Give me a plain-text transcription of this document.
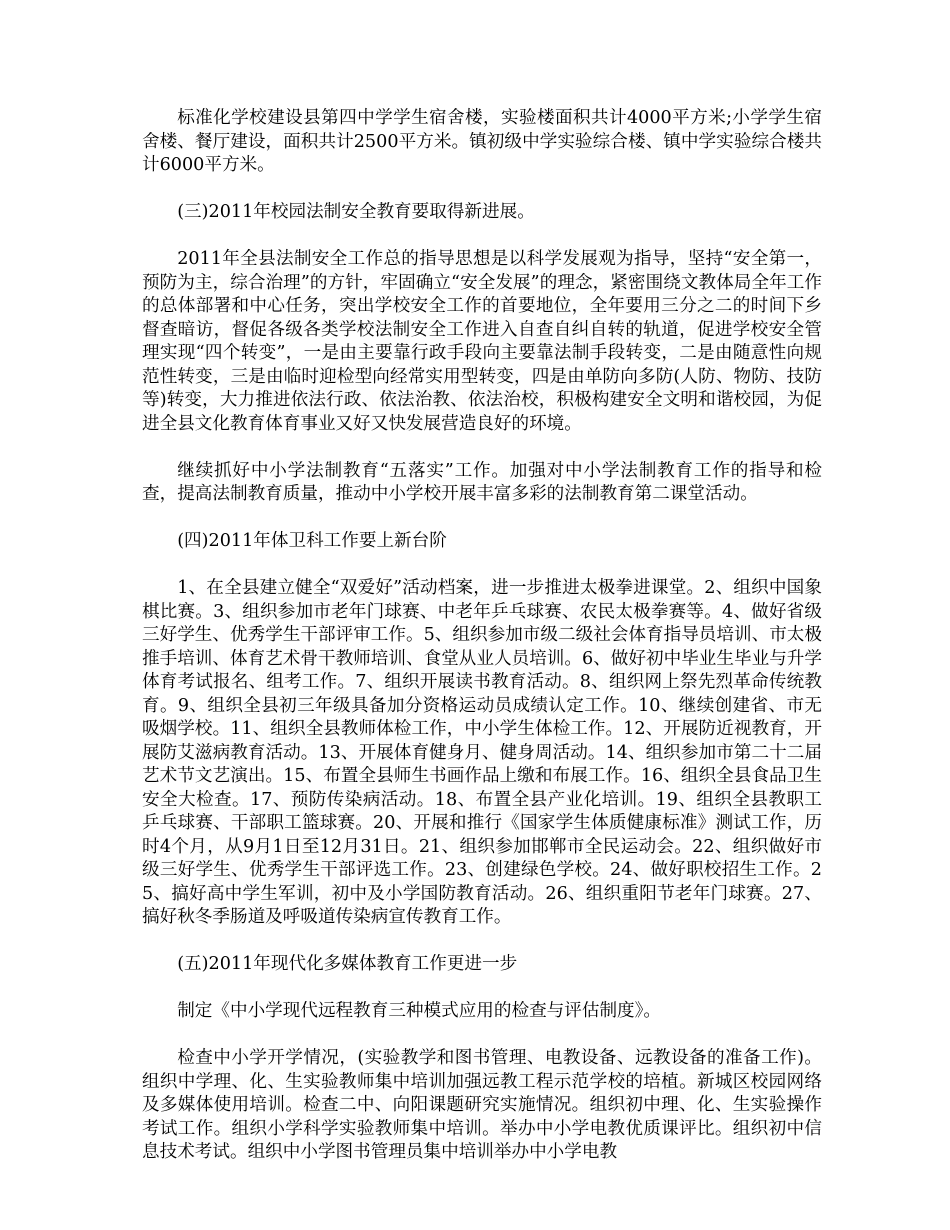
标准化学校建设县第四中学学生宿舍楼，实验楼面积共计4000平方米;小学学生宿舍楼、餐厅建设，面积共计2500平方米。镇初级中学实验综合楼、镇中学实验综合楼共计6000平方米。

(三)2011年校园法制安全教育要取得新进展。

2011年全县法制安全工作总的指导思想是以科学发展观为指导，坚持“安全第一，预防为主，综合治理”的方针，牢固确立“安全发展”的理念，紧密围绕文教体局全年工作的总体部署和中心任务，突出学校安全工作的首要地位，全年要用三分之二的时间下乡督查暗访，督促各级各类学校法制安全工作进入自查自纠自转的轨道，促进学校安全管理实现“四个转变”，一是由主要靠行政手段向主要靠法制手段转变，二是由随意性向规范性转变，三是由临时迎检型向经常实用型转变，四是由单防向多防(人防、物防、技防等)转变，大力推进依法行政、依法治教、依法治校，积极构建安全文明和谐校园，为促进全县文化教育体育事业又好又快发展营造良好的环境。

继续抓好中小学法制教育“五落实”工作。加强对中小学法制教育工作的指导和检查，提高法制教育质量，推动中小学校开展丰富多彩的法制教育第二课堂活动。

(四)2011年体卫科工作要上新台阶

1、在全县建立健全“双爱好”活动档案，进一步推进太极拳进课堂。2、组织中国象棋比赛。3、组织参加市老年门球赛、中老年乒乓球赛、农民太极拳赛等。4、做好省级三好学生、优秀学生干部评审工作。5、组织参加市级二级社会体育指导员培训、市太极推手培训、体育艺术骨干教师培训、食堂从业人员培训。6、做好初中毕业生毕业与升学体育考试报名、组考工作。7、组织开展读书教育活动。8、组织网上祭先烈革命传统教育。9、组织全县初三年级具备加分资格运动员成绩认定工作。10、继续创建省、市无吸烟学校。11、组织全县教师体检工作，中小学生体检工作。12、开展防近视教育，开展防艾滋病教育活动。13、开展体育健身月、健身周活动。14、组织参加市第二十二届艺术节文艺演出。15、布置全县师生书画作品上缴和布展工作。16、组织全县食品卫生安全大检查。17、预防传染病活动。18、布置全县产业化培训。19、组织全县教职工乒乓球赛、干部职工篮球赛。20、开展和推行《国家学生体质健康标准》测试工作，历时4个月，从9月1日至12月31日。21、组织参加邯郸市全民运动会。22、组织做好市级三好学生、优秀学生干部评选工作。23、创建绿色学校。24、做好职校招生工作。25、搞好高中学生军训，初中及小学国防教育活动。26、组织重阳节老年门球赛。27、搞好秋冬季肠道及呼吸道传染病宣传教育工作。

(五)2011年现代化多媒体教育工作更进一步

制定《中小学现代远程教育三种模式应用的检查与评估制度》。

检查中小学开学情况，(实验教学和图书管理、电教设备、远教设备的准备工作)。组织中学理、化、生实验教师集中培训加强远教工程示范学校的培植。新城区校园网络及多媒体使用培训。检查二中、向阳课题研究实施情况。组织初中理、化、生实验操作考试工作。组织小学科学实验教师集中培训。举办中小学电教优质课评比。组织初中信息技术考试。组织中小学图书管理员集中培训举办中小学电教
